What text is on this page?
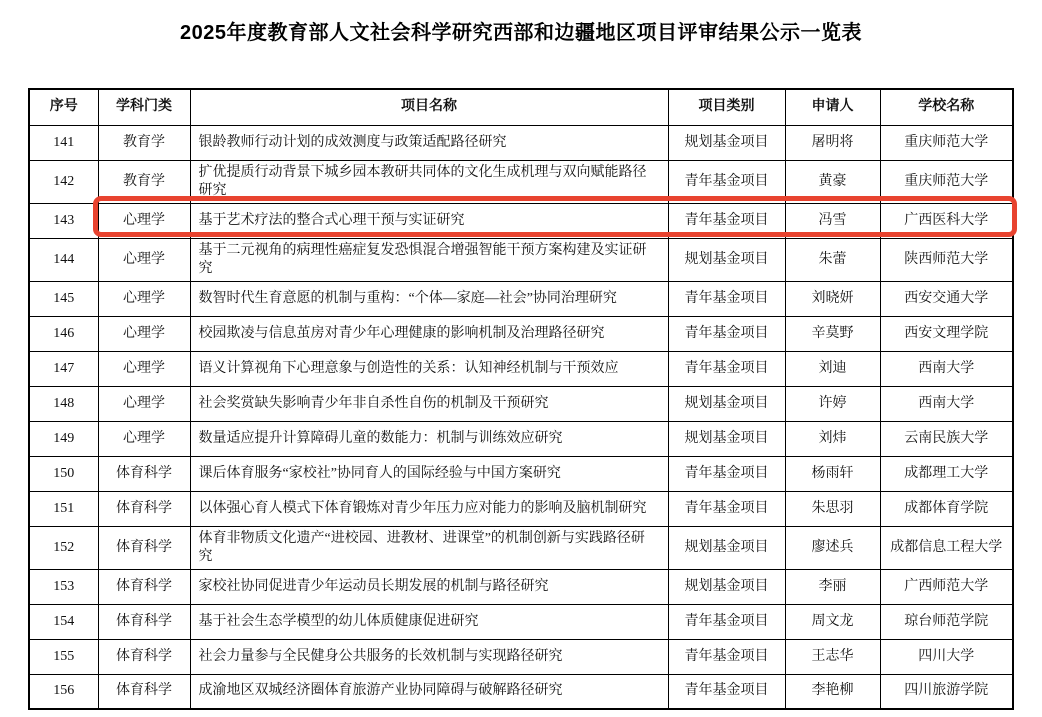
2025年度教育部人文社会科学研究西部和边疆地区项目评审结果公示一览表
序号	学科门类	项目名称	项目类别	申请人	学校名称
141	教育学	银龄教师行动计划的成效测度与政策适配路径研究	规划基金项目	屠明将	重庆师范大学
142	教育学	扩优提质行动背景下城乡园本教研共同体的文化生成机理与双向赋能路径研究	青年基金项目	黄豪	重庆师范大学
143	心理学	基于艺术疗法的整合式心理干预与实证研究	青年基金项目	冯雪	广西医科大学
144	心理学	基于二元视角的病理性癌症复发恐惧混合增强智能干预方案构建及实证研究	规划基金项目	朱蕾	陕西师范大学
145	心理学	数智时代生育意愿的机制与重构：“个体—家庭—社会”协同治理研究	青年基金项目	刘晓妍	西安交通大学
146	心理学	校园欺凌与信息茧房对青少年心理健康的影响机制及治理路径研究	青年基金项目	辛莫野	西安文理学院
147	心理学	语义计算视角下心理意象与创造性的关系：认知神经机制与干预效应	青年基金项目	刘迪	西南大学
148	心理学	社会奖赏缺失影响青少年非自杀性自伤的机制及干预研究	规划基金项目	许婷	西南大学
149	心理学	数量适应提升计算障碍儿童的数能力：机制与训练效应研究	规划基金项目	刘炜	云南民族大学
150	体育科学	课后体育服务“家校社”协同育人的国际经验与中国方案研究	青年基金项目	杨雨轩	成都理工大学
151	体育科学	以体强心育人模式下体育锻炼对青少年压力应对能力的影响及脑机制研究	青年基金项目	朱思羽	成都体育学院
152	体育科学	体育非物质文化遗产“进校园、进教材、进课堂”的机制创新与实践路径研究	规划基金项目	廖述兵	成都信息工程大学
153	体育科学	家校社协同促进青少年运动员长期发展的机制与路径研究	规划基金项目	李丽	广西师范大学
154	体育科学	基于社会生态学模型的幼儿体质健康促进研究	青年基金项目	周文龙	琼台师范学院
155	体育科学	社会力量参与全民健身公共服务的长效机制与实现路径研究	青年基金项目	王志华	四川大学
156	体育科学	成渝地区双城经济圈体育旅游产业协同障碍与破解路径研究	青年基金项目	李艳柳	四川旅游学院
